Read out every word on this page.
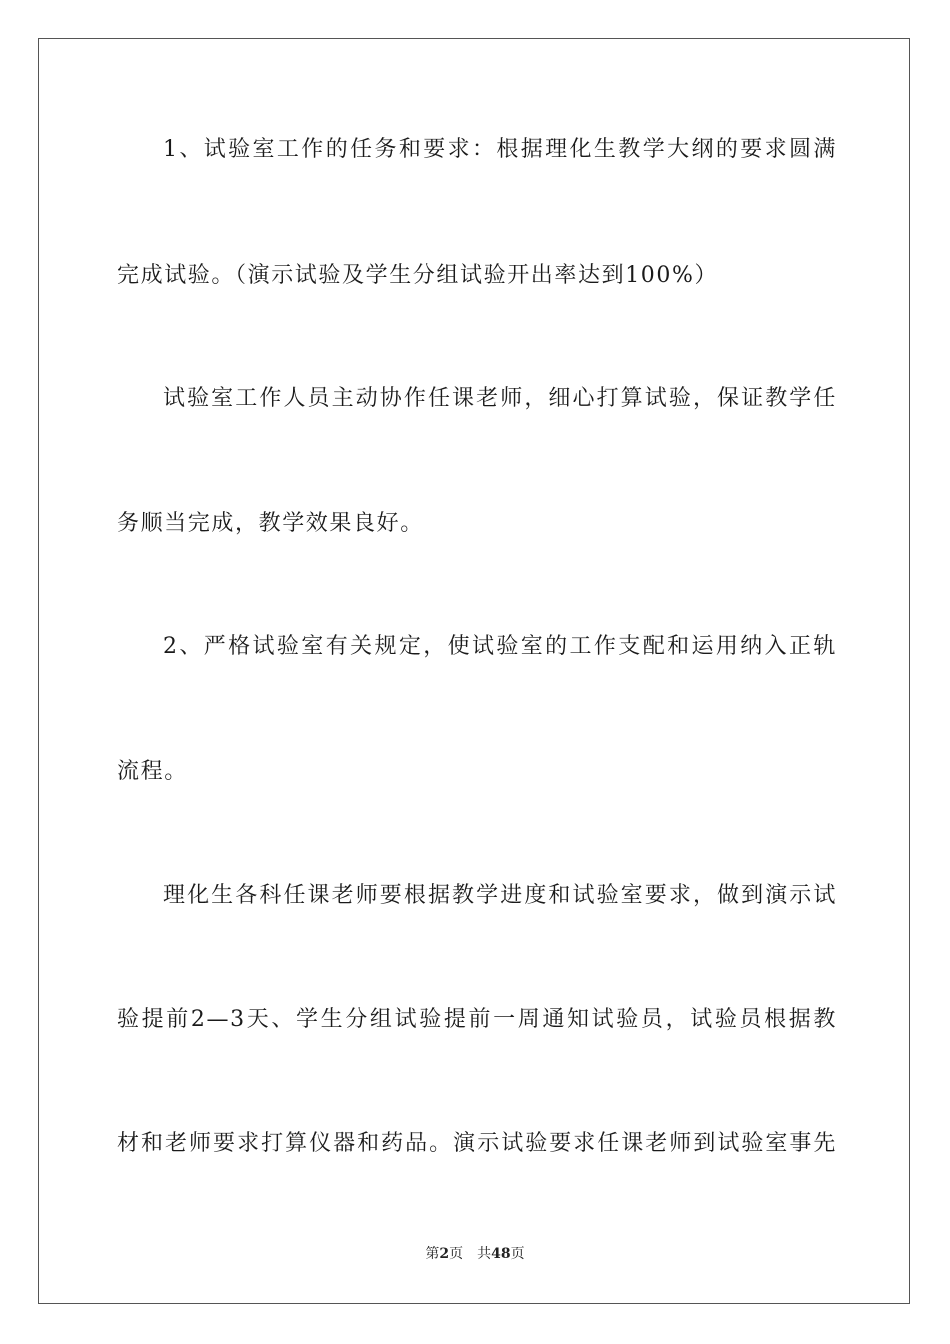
1、试验室工作的任务和要求：根据理化生教学大纲的要求圆满
完成试验。（演示试验及学生分组试验开出率达到100%）
试验室工作人员主动协作任课老师，细心打算试验，保证教学任
务顺当完成，教学效果良好。
2、严格试验室有关规定，使试验室的工作支配和运用纳入正轨
流程。
理化生各科任课老师要根据教学进度和试验室要求，做到演示试
验提前2—3天、学生分组试验提前一周通知试验员，试验员根据教
材和老师要求打算仪器和药品。演示试验要求任课老师到试验室事先
第2页 共48页
